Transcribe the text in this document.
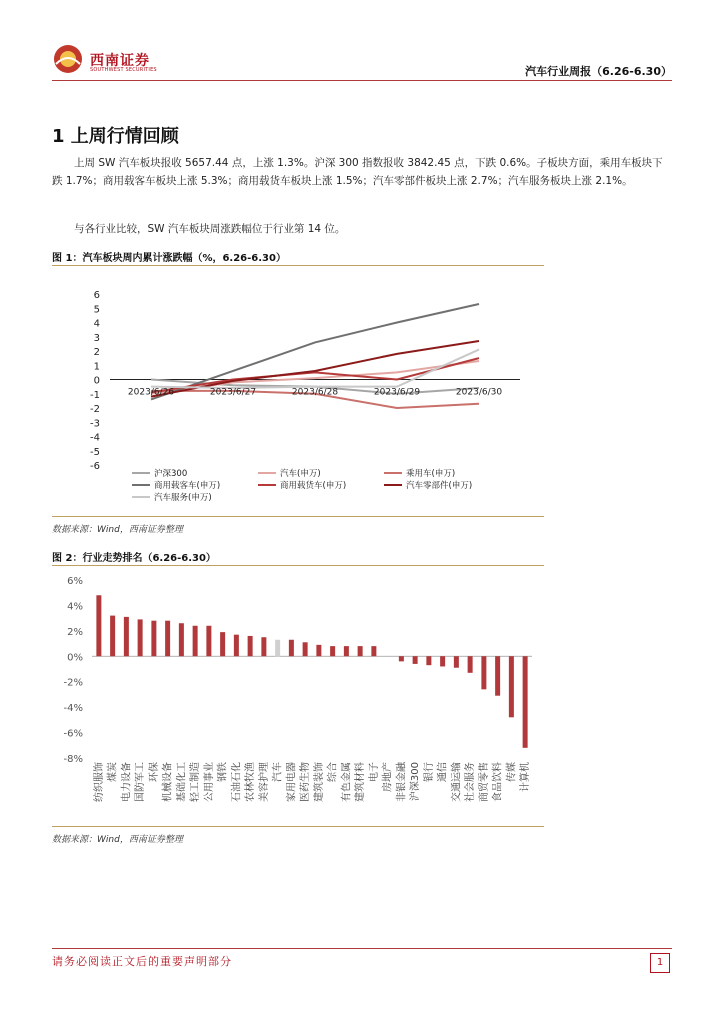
西南证券
SOUTHWEST SECURITIES	汽车行业周报（6.26-6.30）
1 上周行情回顾
上周 SW 汽车板块报收 5657.44 点，上涨 1.3%。沪深 300 指数报收 3842.45 点，下跌 0.6%。子板块方面，乘用车板块下跌 1.7%；商用载客车板块上涨 5.3%；商用载货车板块上涨 1.5%；汽车零部件板块上涨 2.7%；汽车服务板块上涨 2.1%。
与各行业比较，SW 汽车板块周涨跌幅位于行业第 14 位。
图 1：汽车板块周内累计涨跌幅（%，6.26-6.30）
6
5
4
3
2
1
0
-1
-2
-3
-4
-5
-6
2023/6/26	2023/6/27	2023/6/28	2023/6/29	2023/6/30
沪深300	汽车(申万)	乘用车(申万)
商用载客车(申万)	商用载货车(申万)	汽车零部件(申万)
汽车服务(申万)
数据来源：Wind，西南证券整理
图 2：行业走势排名（6.26-6.30）
6%
4%
2%
0%
-2%
-4%
-6%
-8%
纺织服饰 煤炭 电力设备 国防军工 环保 机械设备 基础化工 轻工制造 公用事业 钢铁 石油石化 农林牧渔 美容护理 汽车 家用电器 医药生物 建筑装饰 综合 有色金属 建筑材料 电子 房地产 非银金融 沪深300 银行 通信 交通运输 社会服务 商贸零售 食品饮料 传媒 计算机
数据来源：Wind，西南证券整理
请务必阅读正文后的重要声明部分	1
